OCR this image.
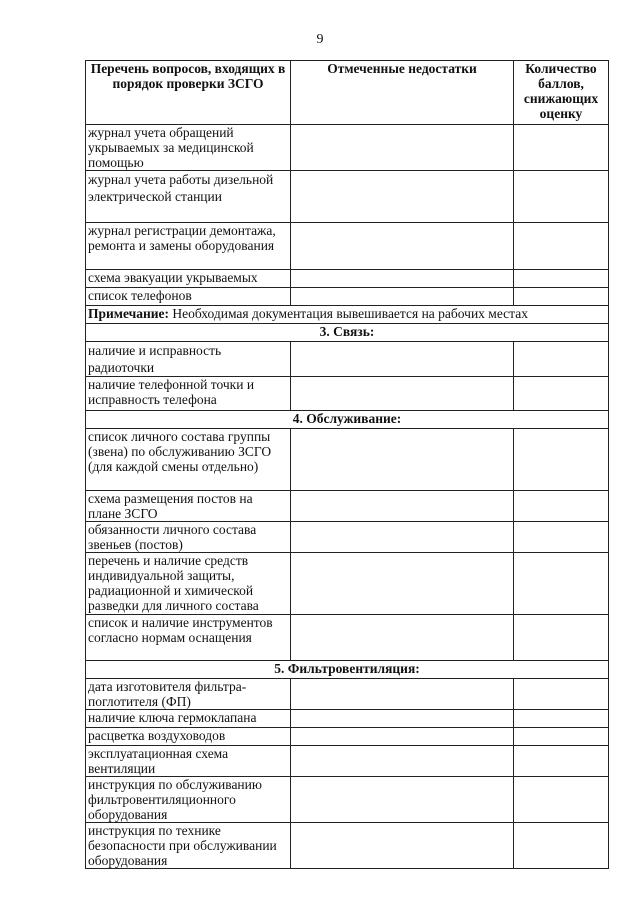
9
Перечень вопросов, входящих в порядок проверки ЗСГО	Отмеченные недостатки	Количество баллов, снижающих оценку
журнал учета обращений укрываемых за медицинской помощью		
журнал учета работы дизельной электрической станции		
журнал регистрации демонтажа, ремонта и замены оборудования		
схема эвакуации укрываемых		
список телефонов		
Примечание: Необходимая документация вывешивается на рабочих местах		
3. Связь:		
наличие и исправность радиоточки		
наличие телефонной точки и исправность телефона		
4. Обслуживание:		
список личного состава группы (звена) по обслуживанию ЗСГО (для каждой смены отдельно)		
схема размещения постов на плане ЗСГО		
обязанности личного состава звеньев (постов)		
перечень и наличие средств индивидуальной защиты, радиационной и химической разведки для личного состава		
список и наличие инструментов согласно нормам оснащения		
5. Фильтровентиляция:		
дата изготовителя фильтра-поглотителя (ФП)		
наличие ключа гермоклапана		
расцветка воздуховодов		
эксплуатационная схема вентиляции		
инструкция по обслуживанию фильтровентиляционного оборудования		
инструкция по технике безопасности при обслуживании оборудования		
